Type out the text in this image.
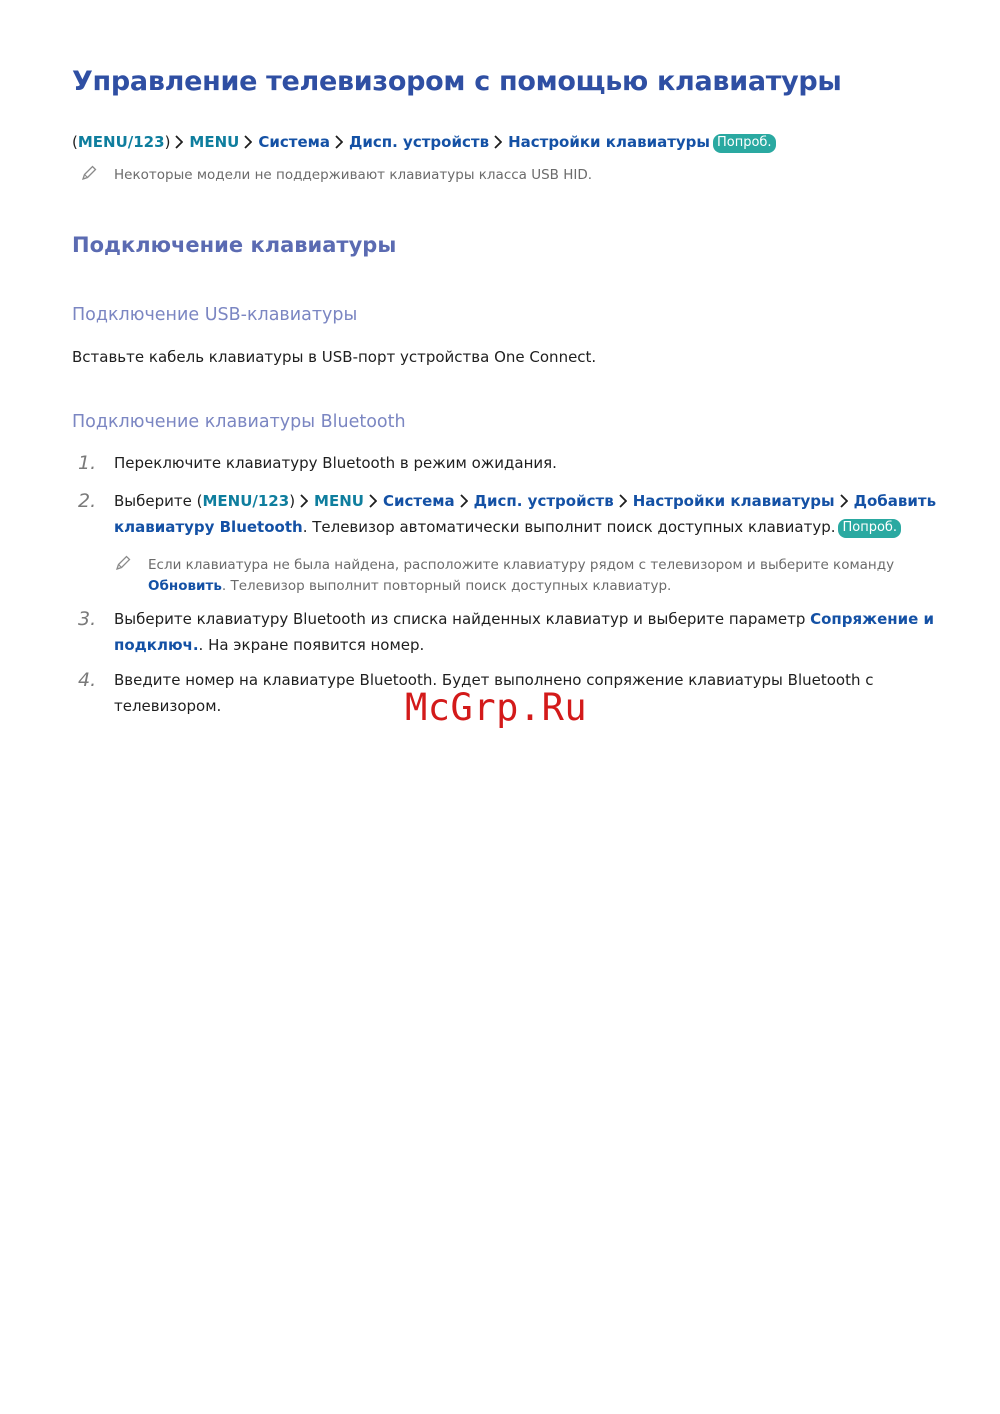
Управление телевизором с помощью клавиатуры
(MENU/123) MENU Система Дисп. устройств Настройки клавиатуры Попроб.
Некоторые модели не поддерживают клавиатуры класса USB HID.
Подключение клавиатуры
Подключение USB-клавиатуры
Вставьте кабель клавиатуры в USB-порт устройства One Connect.
Подключение клавиатуры Bluetooth
1. Переключите клавиатуру Bluetooth в режим ожидания.
2. Выберите (MENU/123) MENU Система Дисп. устройств Настройки клавиатуры Добавить
клавиатуру Bluetooth. Телевизор автоматически выполнит поиск доступных клавиатур. Попроб.
Если клавиатура не была найдена, расположите клавиатуру рядом с телевизором и выберите команду
Обновить. Телевизор выполнит повторный поиск доступных клавиатур.
3. Выберите клавиатуру Bluetooth из списка найденных клавиатур и выберите параметр Сопряжение и
подключ.. На экране появится номер.
4. Введите номер на клавиатуре Bluetooth. Будет выполнено сопряжение клавиатуры Bluetooth с
телевизором.	McGrp.Ru
